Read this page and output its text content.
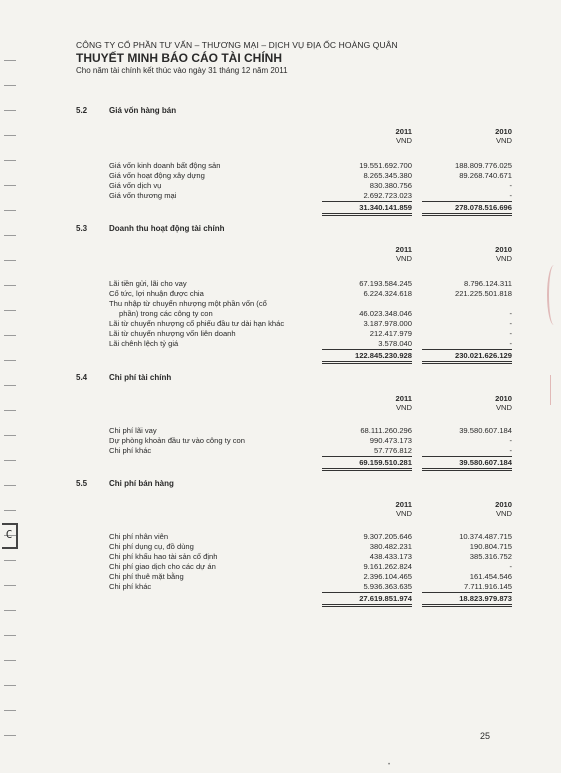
C
CÔNG TY CỔ PHẦN TƯ VẤN – THƯƠNG MẠI – DỊCH VỤ ĐỊA ỐC HOÀNG QUÂN
THUYẾT MINH BÁO CÁO TÀI CHÍNH
Cho năm tài chính kết thúc vào ngày 31 tháng 12 năm 2011
5.2	Giá vốn hàng bán
2011
VND
2010
VND
Giá vốn kinh doanh bất động sản	19.551.692.700	188.809.776.025
Giá vốn hoạt động xây dựng	8.265.345.380	89.268.740.671
Giá vốn dịch vụ	830.380.756	-
Giá vốn thương mại	2.692.723.023	-
31.340.141.859	278.078.516.696
5.3	Doanh thu hoạt động tài chính
2011
VND
2010
VND
Lãi tiền gửi, lãi cho vay	67.193.584.245	8.796.124.311
Cổ tức, lợi nhuận được chia	6.224.324.618	221.225.501.818
Thu nhập từ chuyển nhượng một phần vốn (cổ
phần) trong các công ty con	46.023.348.046	-
Lãi từ chuyển nhượng cổ phiếu đầu tư dài hạn khác	3.187.978.000	-
Lãi từ chuyển nhượng vốn liên doanh	212.417.979	-
Lãi chênh lệch tỷ giá	3.578.040	-
122.845.230.928	230.021.626.129
5.4	Chi phí tài chính
2011
VND
2010
VND
Chi phí lãi vay	68.111.260.296	39.580.607.184
Dự phòng khoản đầu tư vào công ty con	990.473.173	-
Chi phí khác	57.776.812	-
69.159.510.281	39.580.607.184
5.5	Chi phí bán hàng
2011
VND
2010
VND
Chi phí nhân viên	9.307.205.646	10.374.487.715
Chi phí dụng cụ, đồ dùng	380.482.231	190.804.715
Chi phí khấu hao tài sản cố định	438.433.173	385.316.752
Chi phí giao dịch cho các dự án	9.161.262.824	-
Chi phí thuê mặt bằng	2.396.104.465	161.454.546
Chi phí khác	5.936.363.635	7.711.916.145
27.619.851.974	18.823.979.873
25
•
